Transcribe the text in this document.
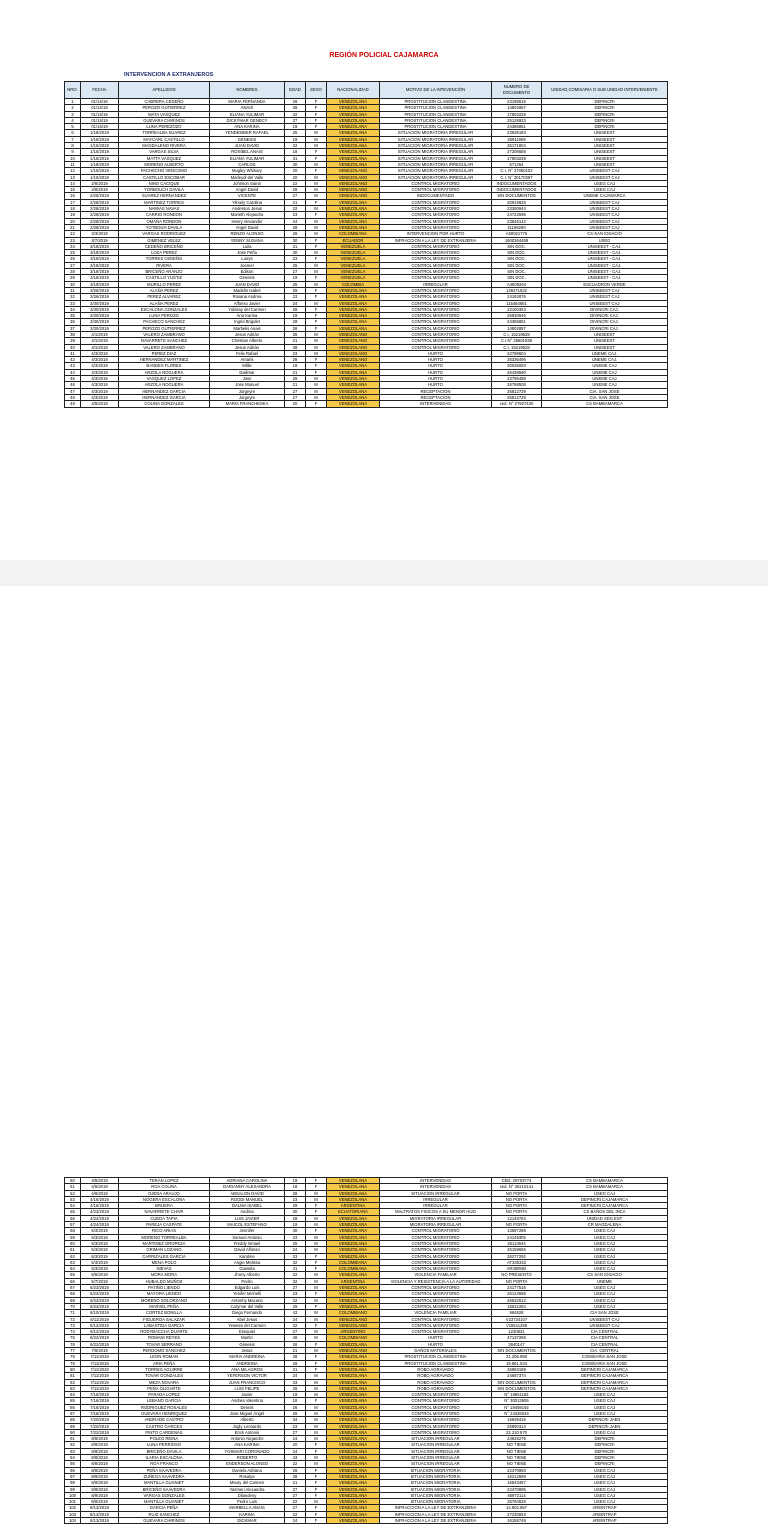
REGIÓN POLICIAL CAJAMARCA
INTERVENCION A EXTRANJEROS
NRO.	FECHA	APELLIDOS	NOMBRES	EDAD	SEXO	NACIONALIDAD	MOTIVO DE LA INTEVENCIÓN	NUMERO DE DOCUMENTO	UNIDAD,COMISARIA O SUB UNIDAD INTERVENIENTE
1	01/15/16	CABRERA CEDEÑO	MARIA FERNANDA	26	F	VENEZOLANA	PROSTITUCION CLANDESTINA	23198815	DEPINCRI
2	01/15/19	PEROZO GUTIERREZ	ANAIS	36	F	VENEZOLANA	PROSTITUCION CLANDESTINA	14802857	DEPINCRI
3	01/15/19	MATA VASQUEZ	ELIANA YULIMAR	32	F	VENEZOLANA	PROSTITUCION CLANDESTINA	17803229	DEPINCRI
4	01/15/19	GUEVARA CHIRINOS	DICKYMAR GENECY	27	F	VENEZOLANA	PROSTITUCION CLANDESTINA	25126923	DEPINCRI
5	01/15/19	LUNA PEREZOZO	ANA KARINA	19	F	VENEZOLANA	PROSTITUCION CLANDESTINA	24386851	DEPINCRI
6	1/16/2019	TORREALBA SUAREZ	YENDEMBER RAFAEL	25	M	VENEZOLANA	SITUACION MIGRATORIA IRREGULAR	23635183	UNISEEST
7	1/16/2019	MAYCARL CASTILLO	GENESIS	19	M	VENEZOLANA	SITUACION MIGRATORIA IRREGULAR	26911959	UNISEEST
8	1/16/2019	MAGDALENO RIVERA	JUAN DAVID	22	M	VENEZOLANA	SITUACION MIGRATORIA IRREGULAR	25171804	UNISEEST
9	1/16/2019	VARGAS SILVA	ROXIBEL ANAIS	18	F	VENEZOLANA	SITUACION MIGRATORIA IRREGULAR	27206688	UNISEEST
10	1/16/2019	MATTA VASQUEZ	ELIANA YULIMAR	31	F	VENEZOLANA	SITUACION MIGRATORIA IRREGULAR	17803229	UNISEEST
11	1/16/2019	MORENO ALBERTO	CARLOS	30	M	VENEZOLANA	SITUACION MIGRATORIA IRREGULAR	571254	UNISEEST
12	1/16/2019	PACHECHO VENCOMO	Mugley Whinary	20	F	VENEZOLANO	SITUACION MIGRATORIA IRREGULAR	C.I. N° 27050102	UNISEEST CAJ
13	1/16/2019	CASTILLO ESCOBAR	Marleydi del Valle	20	M	VENEZOLANO	SITUACION MIGRATORIA IRREGULAR	C.I. N° 30170297	UNISEEST CAJ
14	2/8/2019	NINO CACIQUE	Johnson Samir	22	M	VENEZOLANO	CONTROL MIGRATORIO	INDOCUMENTADOS	USEG CAJ
15	2/8/2019	YORBOUCH DAVILA	Angel David	28	M	VENEZOLANO	CONTROL MIGRATORIO	INDOCUMENTADOS	USEG CAJ
16	2/25/2019	SUAREZ HERNANDEZ	VICENTE	27	M	VENEZOLANO	INDOCUMENTADO	SIN DOCUMENTOS	UNEME CAJAMARCA
17	2/28/2019	MARTINEZ TORRES	Yilmely Carolina	21	F	VENEZOLANA	CONTROL MIGRATORIO	20919925	UNISEEST CAJ
18	2/28/2019	NAMIAS NAVAS	Anderson Jesus	22	M	VENEZOLANA	CONTROL MIGRATORIO	23390944	UNISEEST CAJ
19	2/28/2019	CARRIO RONDON	Marieth Alejandra	23	F	VENEZOLANA	CONTROL MIGRATORIO	24722596	UNISEEST CAJ
20	2/28/2019	OMAÑA RONDON	Henry Alexander	24	M	VENEZOLANA	CONTROL MIGRATORIO	23546142	UNISEEST CAJ
21	2/28/2019	YOTBOUH DAVILA	Angel David	28	M	VENEZOLANA	CONTROL MIGRATORIO	21186280	UNISEEST CAJ
22	3/3/2019	VARGAS RODRIGUEZ	RENZO ALONSO	26	M	COLOMBIANA	INTERVENCION POR HURTO	A50021775	CS-SAN IGNACIO
23	3/7/2019	GIMENEZ VELEZ	YENNY SUSANA	30	F	ECUADOR	INFRACCION A LA LEY DE EXTRANJERIA	1900364469	USEG
24	3/18/2019	CEDEÑO BRICEÑO	Luila	31	F	VENEZUELA	CONTROL MIGRATORIO	SIN DOC.	UNISEEST - CAJ.
25	3/18/2019	LOZA PEREZ	Jose Peña	30	M	VENEZUELA	CONTROL MIGRATORIO	SIN DOC.	UNISEEST - CAJ.
26	3/18/2019	TORRES CEDEÑO	Luirys	23	F	VENEZUELA	CONTROL MIGRATORIO	SIN DOC.	UNISEEST - CAJ.
27	3/18/2019	RIVERA	Joemer	25	M	VENEZUELA	CONTROL MIGRATORIO	SIN DOC.	UNISEEST - CAJ.
28	3/18/2019	BRICEÑO ARANJO	Edison	27	M	VENEZUELA	CONTROL MIGRATORIO	SIN DOC.	UNISEEST - CAJ.
29	3/18/2019	CASTILLO YUSTIZ	Genesis	19	F	VENEZUELA	CONTROL MIGRATORIO	SIN DOC.	UNISEEST - CAJ.
30	3/19/2019	MURILLO PEREZ	JUAN DAVID	25	M	COLOMBIA	IRREGULAR	A4608264	ESCUADRON VERDE
31	3/26/2019	ALAÑA PEREZ	Madelin Isabel	29	F	VENEZOLANA	CONTROL MIGRATORIO	139271522	UNISEEST CAJ
32	3/26/2019	PEREZ ALVAREZ	Roxana Andrea	23	F	VENEZOLANA	CONTROL MIGRATORIO	24162876	UNISEEST CAJ
33	3/30/2019	ALAÑA PEREZ	Alfonso Javier	24	M	VENEZOLANA	CONTROL MIGRATORIO	115464681	UNISEEST CAJ
34	3/30/2019	ESCALONA GONZALES	Yubisay del Carmen	26	F	VENEZOLANA	CONTROL MIGRATORIO	22100353	DIVINCRI CAJ.
35	3/30/2019	LUNA PEROZO	Ana Karina	19	F	VENEZOLANA	CONTROL MIGRATORIO	26930646	DIVINCRI CAJ.
36	3/30/2019	PACHECO SANCHEZ	Ingrid Brigidet	28	F	VENEZOLANA	CONTROL MIGRATORIO	24386851	DIVINCRI CAJ.
37	3/30/2019	PEROZO GUTIERREZ	Marbelis Anais	26	F	VENEZOLANA	CONTROL MIGRATORIO	14802857	DIVINCRI CAJ.
38	4/1/2019	VALERO ZAMBRANO	Jesus Adrián	36	M	VENEZOLANO	CONTROL MIGRATORIO	C.I. 15219528	UNISEEST
39	4/1/2019	NAVARRETE SANCHEZ	Christian Alberto	21	M	VENEZOLANO	CONTROL MIGRATORIO	C.I.N° 25601938	UNISEEST
40	4/1/2019	VALERO ZAMBRANO	Jesus Adrián	38	M	VENEZOLANO	CONTROL MIGRATORIO	C.I. 15219528	UNISEEST
41	4/3/2019	PEREZ DIAZ	Felix Rafael	23	M	VENEZOLANO	HURTO	22798604	UNEME CAJ.
42	4/3/2019	HERNANDEZ MARTINEZ	Amaris	28	F	VENEZOLANO	HURTO	26336496	UNEME CAJ.
43	4/3/2019	BANDES FLORES	Millie	18	F	VENEZOLANA	HURTO	30036093	UNEME CAJ
44	4/3/2019	ARZOLA NOGUERA	Dailimar	21	F	VENEZOLANA	HURTO	26438590	UNEME CAJ
45	4/3/2019	VASQUEZ LOPEZ	Jose	26	M	VENEZOLANA	HURTO	23796488	UNEME CAJ
46	4/3/2019	ARZOLA NOGUERA	Jose Manuel	21	M	VENEZOLANA	HURTO	26798508	UNEME CAJ
47	4/3/2019	HERNANDEZ GARCIA	Jorgeyre	27	M	VENEZOLANA	RECEPTACION	25812729	CIA. SAN JOSE
48	4/3/2019	HERNANDEZ GARCIA	Jorgeyre	27	M	VENEZOLANA	RECEPTACION	25812729	CIA. SAN JOSE
49	4/5/2019	COLINA GONZALES	MARIA FRANCHESKA	20	F	VENEZOLANA	INTERVENIDAS	ced. N° 27927430	CS BAMBAMARCA
50	4/5/2019	TERAN LOPEZ	ADRIANA CAROLINA	19	F	VENEZOLANA	INTERVENIDAS	CED. 29703774	CS BAMBAMARCA
51	4/5/2019	ROA COLINA	DARIANNY ALEXANDRA	18	F	VENEZOLANA	INTERVENIDAS	ced. N° 30210141	CS BAMBAMARCA
52	4/6/2019	OJEDA ARAUJO	ABSALON DAVID	28	M	VENEZOLANA	SITUACION IRREGULAR	NO PORTA	USEG CAJ
53	4/16/2019	NOGERA ESCALONA	ROODI MANUEL	23	M	VENEZOLANA	IRREGULAR	NO PORTA	DEPINCRI CAJAMARCA
54	4/16/2019	BRIJERA	DALMA ISABEL	29	F	ARGENTINA	IRREGULAR	NO PORTA	DEPINCRI CAJAMARCA
55	4/23/2019	NAVARRETE CHAPI	Andrea	30	F	ECUATORIANA	MALTRATOS FISICOS A SU MENOR HIJO	NO PORTA	CS BAÑOS DEL INCA
56	4/24/2019	CUEDA TAPIA	LUIS JAVIER	28	M	VENEZOLANA	MIGRATORIA IRREGULAR	12148764	UNIDAD SEG.EST
57	4/24/2019	PAREJA CASPATE	MAICOL ESTEFANO	19	M	VENEZOLANA	MIGRATORIA IRREGULAR	NO PORTA	CR MAGDALENA
58	5/3/2019	RICO ARIAS	Jennifer	40	F	VENEZOLANA	CONTROL MIGRATORIO	13597286	USEG CAJ
59	5/3/2019	MORENO TORREALBA	Samuel Antonio	23	M	VENEZOLANA	CONTROL MIGRATORIO	24149305	USEG CAJ
60	5/3/2019	MARTINEZ OROPEZA	Freddy Ismael	25	M	VENEZOLANA	CONTROL MIGRATORIO	26113944	USEG CAJ
61	5/3/2019	GRIMAN LOZANO	David Alfonso	24	M	VENEZOLANA	CONTROL MIGRATORIO	25159665	USEG CAJ
62	5/3/2019	CARRIZALES GARCIA	Karoline	23	F	VENEZOLANA	CONTROL MIGRATORIO	26277292	USEG CAJ
63	5/3/2019	MENA POLO	Angie Melissa	32	F	COLOMBIANA	CONTROL MIGRATORIO	AT335343	USEG CAJ
64	5/3/2019	NIEVAS	Gussela	41	F	COLOMBIANA	CONTROL MIGRATORIO	AR380592	USEG CAJ
65	5/5/2019	MORA MORA	Jhony Alberto	32	M	VENEZOLANA	VIOLENCIA FAMILIAR	NO PRESENTO	CS SAN IGNACIO
66	5/7/2019	HUBALDO MUÑOZ	Pedro	32	M	ARGENTINA	VIOLENCIA Y RESISTENCIA A LA AUTORIDAD	NO PORTA	UNEME
67	5/23/2019	PATIÑO LIENDO	Edgardo Luis	27	M	VENEZOLANA	CONTROL MIGRATORIO	24177516	USEG CAJ
68	5/23/2019	MAYORA LIENDO	Yenifer Michelli	23	F	VENEZOLANA	CONTROL MIGRATORIO	26124556	USEG CAJ
69	5/23/2019	MORENO SOLORZANO	Antonhy Macario	22	M	VENEZOLANA	CONTROL MIGRATORIO	26632512	USEG CAJ
70	5/23/2019	MARVEL PEÑA	Carymar del Valle	29	F	VENEZOLANA	CONTROL MIGRATORIO	18632284	USEG CAJ
71	6/10/2019	CORTEZ BONILLA	Diego Fernando	43	M	COLOMBIANO	VIOLENCIA FAMILIAR	984828	CIA SAN JOSE
72	6/11/2019	FIGUEROA SALAZAR	Abel Jesus	24	M	VENEZOLANO	CONTROL MIGRATORIO	V23734107	UNISEEST CAJ
73	6/12/2019	LABASTIDA GARCIA	Yesetes del Carmen	32	F	VENEZOLANO	CONTROL MIGRATORIO	V16511288	UNISEEST CAJ
74	6/12/2019	RODYBACCHA DUARTE	Esequiel	27	M	ARGENTINO	CONTROL MIGRATORIO	1230831	CIA CENTRAL
75	6/22/2019	ROMANI REYES	Martin	46	M	COLOMBIANO	HURTO	47137269	CIA CENTRAL
76	6/22/2019	TOVAR SERRANO	Génesis	26	F	VENEZOLANA	HURTO	2840147	CIA CENTRAL
77	7/6/2019	PERDOMO SANCHEZ	Jesus	21	M	VENEZOLANO	DAÑOS MATERIALES	SIN DOCUMENTOS	CIA. CENTRAL
78	7/11/2019	LEON ROMAN	MARIA ANDREINA	28	F	VENEZOLANA	PROSTITUCION CLANDESTINA	21.206.959	COMISARIA SAN JOSE
79	7/11/2019	ARIA PEÑA	ANDREINA	26	F	VENEZOLANA	PROSTITUCION CLANDESTINA	19.861.534	COMISARIA SAN JOSE
80	7/11/2019	TORRES AGUIRRE	ANA MILAGROS	21	F	VENEZOLANA	ROBO AGRAVADO	26983189	DEPINCRI CAJAMARCA
81	7/11/2019	TOVAR GONZALES	YEFERSON VICTOR	24	M	VENEZOLANA	ROBO AGRAVADO	24687374	DEPINCRI CAJAMARCA
82	7/11/2019	MEZA NOVARA	JUAN FRANCISCO	33	M	VENEZOLANA	ROBO AGRAVADO	SIN DOCUMENTOS	DEPINCRI CAJAMARCA
83	7/11/2019	PEÑA OLIGARTE	LUIS FELIPE	26	M	VENEZOLANA	ROBO AGRAVADO	SIN DOCUMENTOS	DEPINCRI CAJAMARCA
84	7/16/2019	PARADA LOPEZ	Javier	19	M	VENEZOLANA	CONTROL MIGRATORIO	N° 19651184	USEG CAJ
85	7/16/2019	LEBANO GARCIA	Andrea Valentina	18	F	VENEZOLANA	CONTROL MIGRATORIO	N° 30013655	USEG CAJ
86	7/16/2019	RODRIGUEZ ROSALES	Dennis	26	M	VENEZOLANA	CONTROL MIGRATORIO	N° 19459192	USEG CAJ
87	7/16/2019	GUEVARA HENRIQUEZ	Jose Miguel Ángel	26	M	VENEZOLANA	CONTROL MIGRATORIO	N° 24326043	USEG CAJ
88	7/20/2019	ANDRADE CASTRO	Alberto	34	M	VENEZOLANA	CONTROL MIGRATORIO	16639416	DEPINCRI JAEN
89	7/20/2019	CASTRO GARCES	Jogly Leonardo	23	M	VENEZOLANA	CONTROL MIGRATORIO	26890314	DEPINCRI JAEN
90	7/22/2019	PINTO CARDENAS	Erick Antonio	27	M	VENEZOLANA	CONTROL MIGRATORIO	22.210.570	USEG CAJ
91	8/6/2019	POLEO REINA	Antonio Alejandro	24	M	VENEZOLANA	SITUACION IRREGULAR	23625276	DEPINCRI
92	8/8/2019	LUNA PERRIOSO	ANA KARINA	20	F	VENEZOLANA	SITUACION IRREGULAR	NO TIENE	DEPINCRI
93	8/8/2019	BRICEÑO DAVILA	YOSMARI CORONADO	24	F	VENEZOLANA	SITUACION IRREGULAR	NO TIENE	DEPINCRI
94	8/8/2019	ILARIA ESCALONA	ROBERTO	43	M	VENEZOLANA	SITUACION IRREGULAR	NO TIENE	DEPINCRI
95	8/8/2019	ROA FRANCO	ENDERSON ALONSO	22	M	VENEZOLANA	SITUACION IRREGULAR	NO TIENE	DEPINCRI
96	8/8/2019	PEÑA SAAVEDRA	Daniela Adriana	26	F	VENEZOLANA	SITUACION MIGRATORIA	22470893	USEG CAJ
97	8/9/2019	ZUÑEGA SAAVEDRA	Rosalya	28	F	VENEZOLANA	SITUACION MIGRATORIA	16212698	USEG CAJ
98	8/9/2019	MANTILLA GUANIET	Maury del Carmen	21	F	VENEZOLANA	SITUACION MIGRATORIA	16543467	USEG CAJ
99	8/9/2019	BRICEÑO SAAVEDRA	Yasmeri Alexandra	27	F	VENEZOLANA	SITUACION MIGRATORIA	22470895	USEG CAJ
100	8/9/2019	VARGAS GONZALES	Dilandeny	27	F	VENEZOLANA	SITUACION MIGRATORIA	46972114	USEG CAJ
101	8/9/2019	MANTILLA GUANIET	Pedro Luis	22	M	VENEZOLANA	SITUACION MIGRATORIA	25794528	USEG CAJ
102	8/13/2019	GARCIA PEÑA	MARBELLA ANAIS	27	F	VENEZOLANA	INFRACCION A LA LEY DE EXTRANJERIA	14.802.857	AREINTRAP
103	8/13/2019	RUIZ SANCHEZ	KARINA	22	F	VENEZOLANA	INFRACCION A LA LEY DE EXTRANJERIA	27230653	AREINTRAP
104	8/13/2019	GUEVARA CHIRINOS	DICKMAR	24	F	VENEZOLANA	INFRACCION A LA LEY DE EXTRANJERIA	16158748	AREINTRAP
